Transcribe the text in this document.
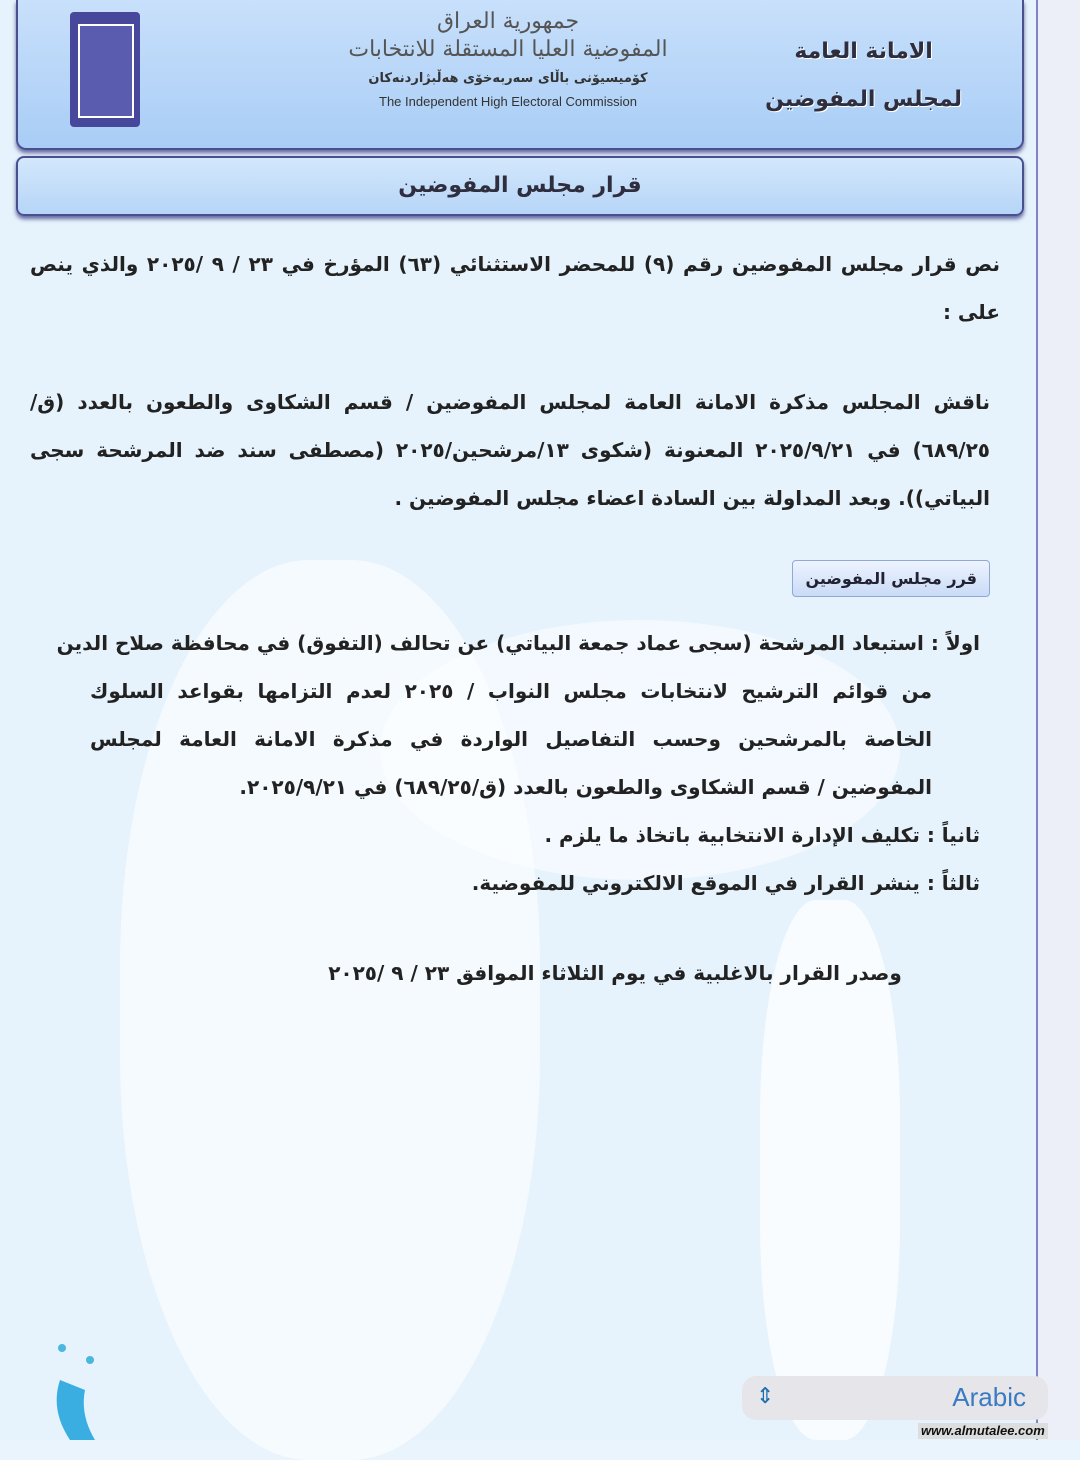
جمهورية العراق
المفوضية العليا المستقلة للانتخابات
كۆمیسیۆنی باڵای سەربەخۆی هەڵبژاردنەکان
The Independent High Electoral Commission
الامانة العامة
لمجلس المفوضين
قرار مجلس المفوضين

نص قرار مجلس المفوضين رقم (٩) للمحضر الاستثنائي (٦٣) المؤرخ في ٢٣ / ٩ /٢٠٢٥ والذي ينص على :

ناقش المجلس مذكرة الامانة العامة لمجلس المفوضين / قسم الشكاوى والطعون بالعدد (ق/٦٨٩/٢٥) في ٢٠٢٥/٩/٢١ المعنونة (شكوى ١٣/مرشحين/٢٠٢٥ (مصطفى سند ضد المرشحة سجى البياتي)). وبعد المداولة بين السادة اعضاء مجلس المفوضين .

قرر مجلس المفوضين
اولاً : استبعاد المرشحة (سجى عماد جمعة البياتي) عن تحالف (التفوق) في محافظة صلاح الدين

من قوائم الترشيح لانتخابات مجلس النواب / ٢٠٢٥ لعدم التزامها بقواعد السلوك الخاصة بالمرشحين وحسب التفاصيل الواردة في مذكرة الامانة العامة لمجلس المفوضين / قسم الشكاوى والطعون بالعدد (ق/٦٨٩/٢٥) في ٢٠٢٥/٩/٢١.

ثانياً : تكليف الإدارة الانتخابية باتخاذ ما يلزم .
ثالثاً : ينشر القرار في الموقع الالكتروني للمفوضية.
وصدر القرار بالاغلبية في يوم الثلاثاء الموافق ٢٣ / ٩ /٢٠٢٥
⇕	Arabic
www.almutalee.com
